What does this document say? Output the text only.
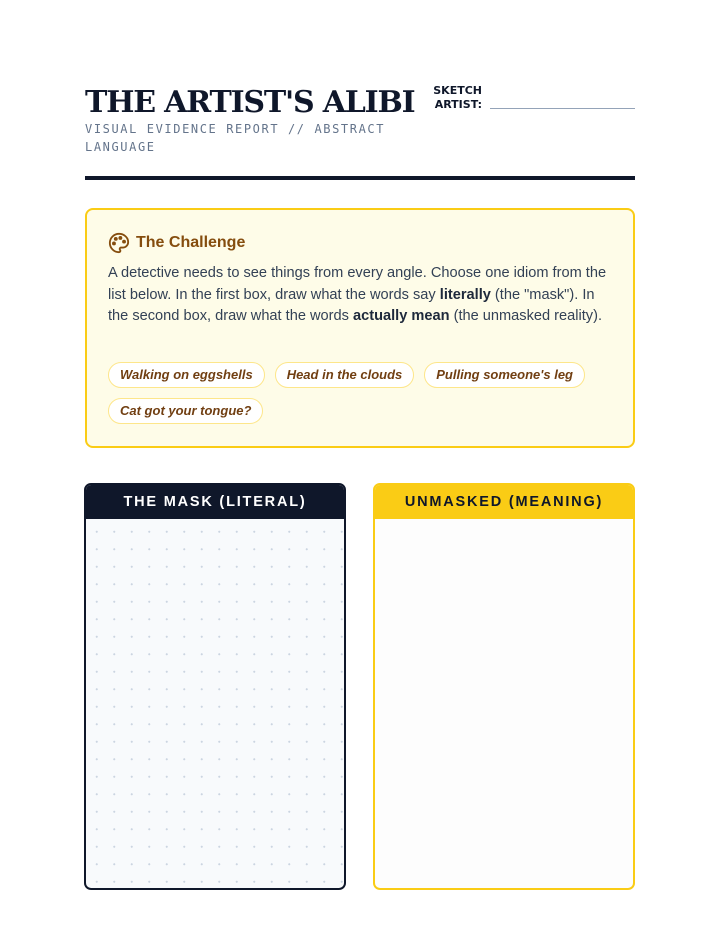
THE ARTIST'S ALIBI

VISUAL EVIDENCE REPORT // ABSTRACT LANGUAGE

SKETCH
ARTIST:
The Challenge

A detective needs to see things from every angle. Choose one idiom from the list below. In the first box, draw what the words say literally (the "mask"). In the second box, draw what the words actually mean (the unmasked reality).

Walking on eggshells	Head in the clouds	Pulling someone's leg
Cat got your tongue?
THE MASK (LITERAL)	UNMASKED (MEANING)
